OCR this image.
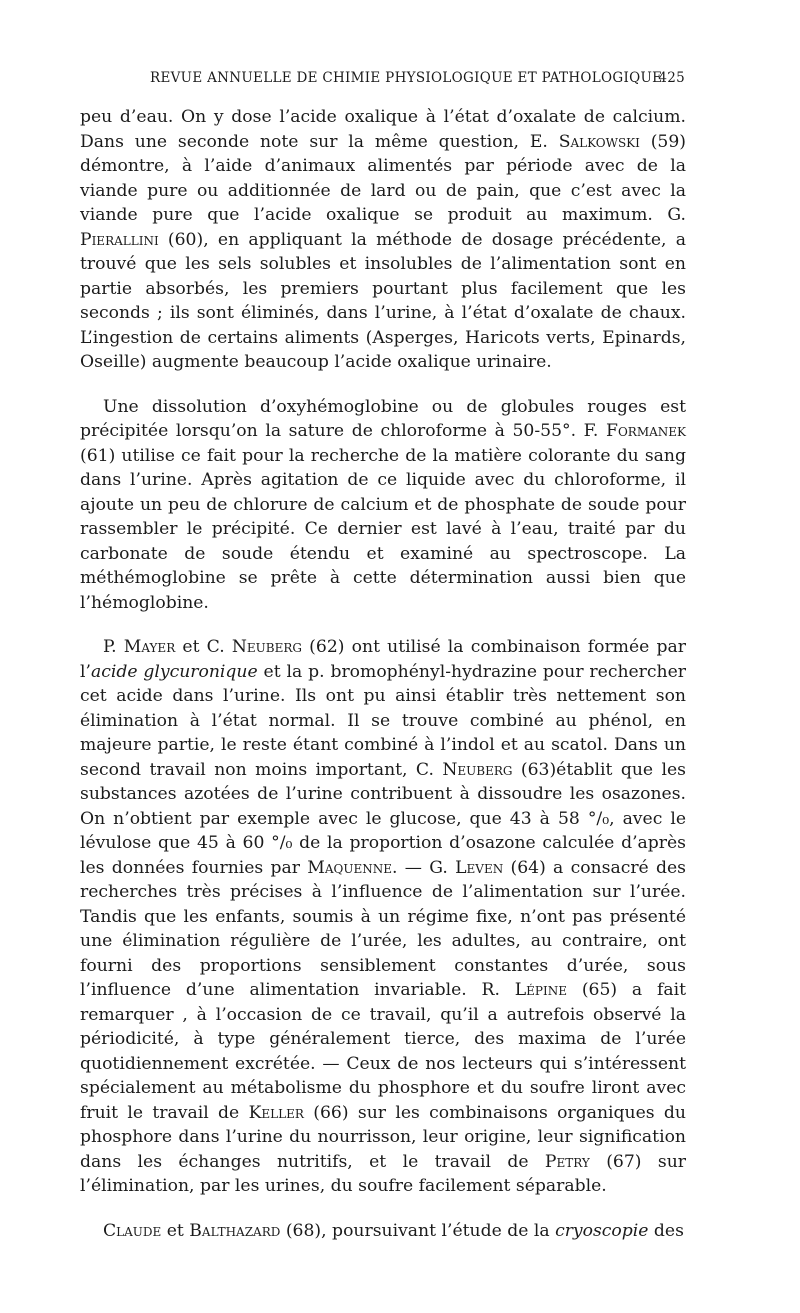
REVUE ANNUELLE DE CHIMIE PHYSIOLOGIQUE ET PATHOLOGIQUE
425

peu d’eau. On y dose l’acide oxalique à l’état d’oxalate de calcium. Dans une seconde note sur la même question, E. Salkowski (59) démontre, à l’aide d’animaux alimentés par période avec de la viande pure ou additionnée de lard ou de pain, que c’est avec la viande pure que l’acide oxalique se produit au maximum. G. Pierallini (60), en appliquant la méthode de dosage précédente, a trouvé que les sels solubles et insolubles de l’alimentation sont en partie absorbés, les premiers pourtant plus facilement que les seconds ; ils sont éliminés, dans l’urine, à l’état d’oxalate de chaux. L’ingestion de certains aliments (Asperges, Haricots verts, Epinards, Oseille) augmente beaucoup l’acide oxalique urinaire.

Une dissolution d’oxyhémoglobine ou de globules rouges est précipitée lorsqu’on la sature de chloroforme à 50-55°. F. Formanek (61) utilise ce fait pour la recherche de la matière colorante du sang dans l’urine. Après agitation de ce liquide avec du chloroforme, il ajoute un peu de chlorure de calcium et de phosphate de soude pour rassembler le précipité. Ce dernier est lavé à l’eau, traité par du carbonate de soude étendu et examiné au spectroscope. La méthémoglobine se prête à cette détermination aussi bien que l’hémoglobine.

P. Mayer et C. Neuberg (62) ont utilisé la combinaison formée par l’acide glycuronique et la p. bromophényl-hydrazine pour rechercher cet acide dans l’urine. Ils ont pu ainsi établir très nettement son élimination à l’état normal. Il se trouve combiné au phénol, en majeure partie, le reste étant combiné à l’indol et au scatol. Dans un second travail non moins important, C. Neuberg (63)établit que les substances azotées de l’urine contribuent à dissoudre les osazones. On n’obtient par exemple avec le glucose, que 43 à 58 °/₀, avec le lévulose que 45 à 60 °/₀ de la proportion d’osazone calculée d’après les données fournies par Maquenne. — G. Leven (64) a consacré des recherches très précises à l’influence de l’alimentation sur l’urée. Tandis que les enfants, soumis à un régime fixe, n’ont pas présenté une élimination régulière de l’urée, les adultes, au contraire, ont fourni des proportions sensiblement constantes d’urée, sous l’influence d’une alimentation invariable. R. Lépine (65) a fait remarquer , à l’occasion de ce travail, qu’il a autrefois observé la périodicité, à type généralement tierce, des maxima de l’urée quotidiennement excrétée. — Ceux de nos lecteurs qui s’intéressent spécialement au métabolisme du phosphore et du soufre liront avec fruit le travail de Keller (66) sur les combinaisons organiques du phosphore dans l’urine du nourrisson, leur origine, leur signification dans les échanges nutritifs, et le travail de Petry (67) sur l’élimination, par les urines, du soufre facilement séparable.

Claude et Balthazard (68), poursuivant l’étude de la cryoscopie des
